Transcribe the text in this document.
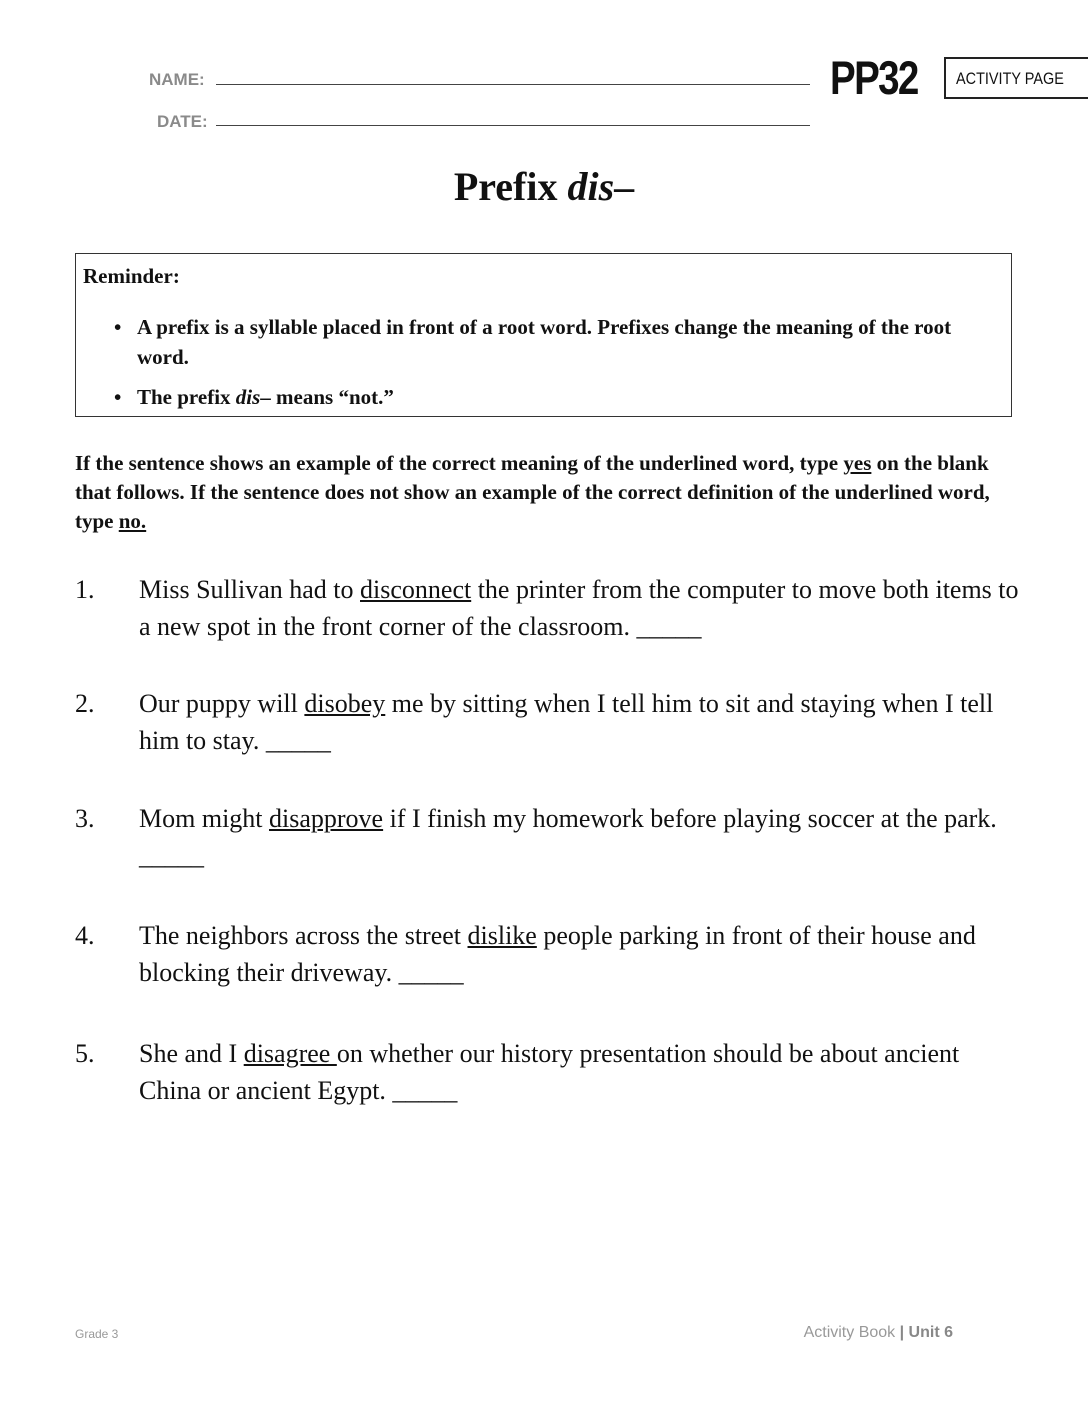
NAME:
DATE:
PP32 ACTIVITY PAGE
Prefix dis–
Reminder:
• A prefix is a syllable placed in front of a root word. Prefixes change the meaning of the root word.
• The prefix dis– means “not.”
If the sentence shows an example of the correct meaning of the underlined word, type yes on the blank that follows. If the sentence does not show an example of the correct definition of the underlined word, type no.
1. Miss Sullivan had to disconnect the printer from the computer to move both items to a new spot in the front corner of the classroom. _____
2. Our puppy will disobey me by sitting when I tell him to sit and staying when I tell him to stay. _____
3. Mom might disapprove if I finish my homework before playing soccer at the park. _____
4. The neighbors across the street dislike people parking in front of their house and blocking their driveway. _____
5. She and I disagree on whether our history presentation should be about ancient China or ancient Egypt. _____
Grade 3	Activity Book | Unit 6
